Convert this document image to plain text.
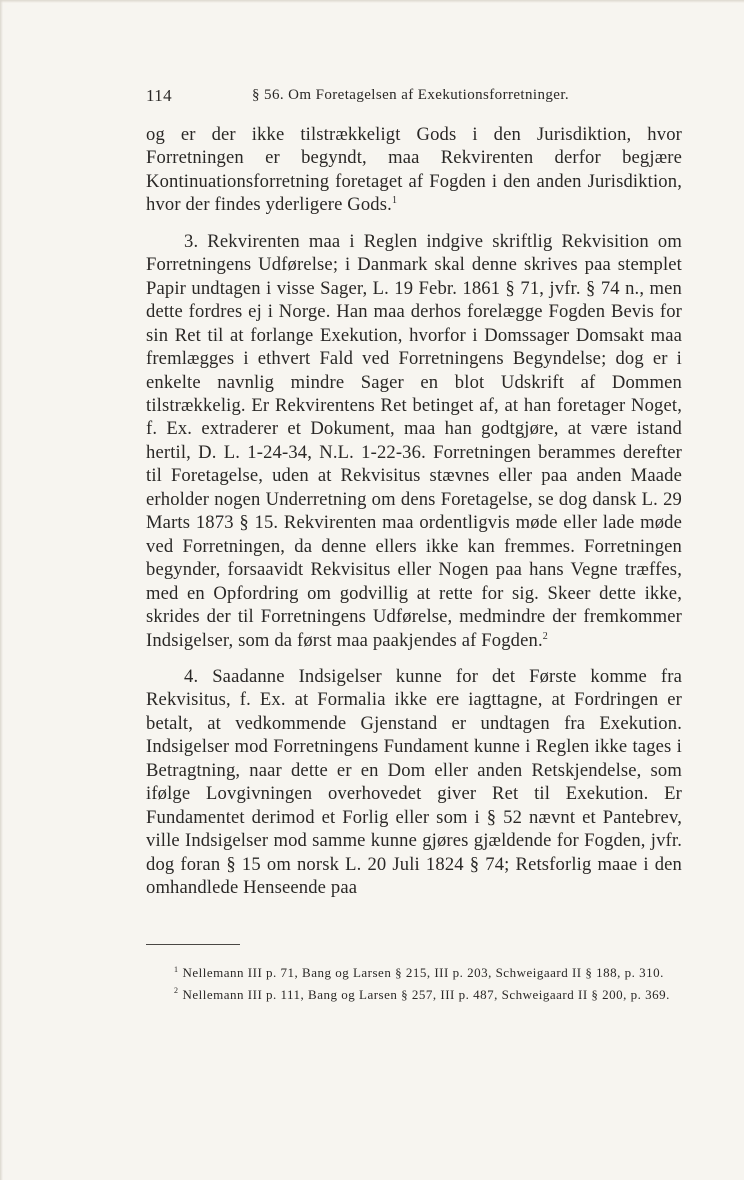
114	§ 56. Om Foretagelsen af Exekutionsforretninger.

og er der ikke tilstrækkeligt Gods i den Jurisdiktion, hvor Forretningen er begyndt, maa Rekvirenten derfor begjære Kontinuationsforretning foretaget af Fogden i den anden Jurisdiktion, hvor der findes yderligere Gods.$^1$

3. Rekvirenten maa i Reglen indgive skriftlig Rekvisition om Forretningens Udførelse; i Danmark skal denne skrives paa stemplet Papir undtagen i visse Sager, L. 19 Febr. 1861 § 71, jvfr. § 74 n., men dette fordres ej i Norge. Han maa derhos forelægge Fogden Bevis for sin Ret til at forlange Exekution, hvorfor i Domssager Domsakt maa fremlægges i ethvert Fald ved Forretningens Begyndelse; dog er i enkelte navnlig mindre Sager en blot Udskrift af Dommen tilstrækkelig. Er Rekvirentens Ret betinget af, at han foretager Noget, f. Ex. extraderer et Dokument, maa han godtgjøre, at være istand hertil, D. L. 1-24-34, N.L. 1-22-36. Forretningen berammes derefter til Foretagelse, uden at Rekvisitus stævnes eller paa anden Maade erholder nogen Underretning om dens Foretagelse, se dog dansk L. 29 Marts 1873 § 15. Rekvirenten maa ordentligvis møde eller lade møde ved Forretningen, da denne ellers ikke kan fremmes. Forretningen begynder, forsaavidt Rekvisitus eller Nogen paa hans Vegne træffes, med en Opfordring om godvillig at rette for sig. Skeer dette ikke, skrides der til Forretningens Udførelse, medmindre der fremkommer Indsigelser, som da først maa paakjendes af Fogden.$^2$

4. Saadanne Indsigelser kunne for det Første komme fra Rekvisitus, f. Ex. at Formalia ikke ere iagttagne, at Fordringen er betalt, at vedkommende Gjenstand er undtagen fra Exekution. Indsigelser mod Forretningens Fundament kunne i Reglen ikke tages i Betragtning, naar dette er en Dom eller anden Retskjendelse, som ifølge Lovgivningen overhovedet giver Ret til Exekution. Er Fundamentet derimod et Forlig eller som i § 52 nævnt et Pantebrev, ville Indsigelser mod samme kunne gjøres gjældende for Fogden, jvfr. dog foran § 15 om norsk L. 20 Juli 1824 § 74; Retsforlig maae i den omhandlede Henseende paa

$^1$ Nellemann III p. 71, Bang og Larsen § 215, III p. 203, Schweigaard II § 188, p. 310.

$^2$ Nellemann III p. 111, Bang og Larsen § 257, III p. 487, Schweigaard II § 200, p. 369.
